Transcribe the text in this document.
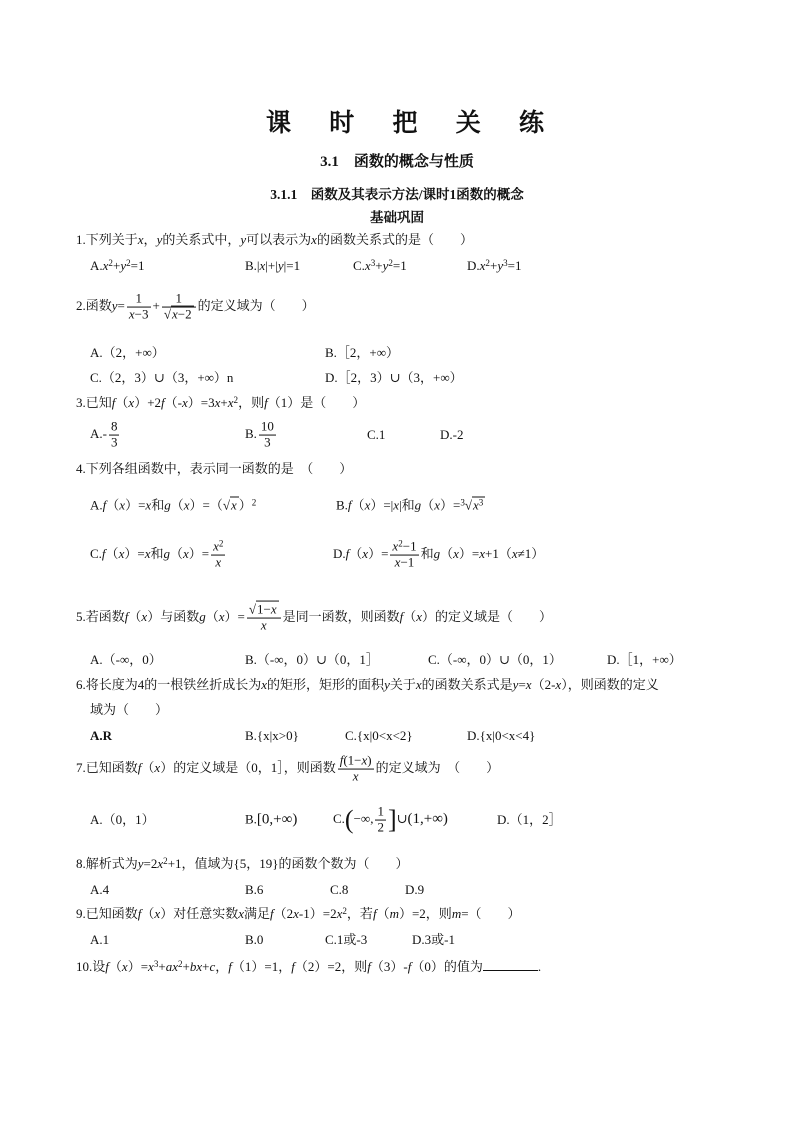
课 时 把 关 练
3.1　函数的概念与性质
3.1.1　函数及其表示方法/课时1函数的概念
基础巩固
1.下列关于x，y的关系式中，y可以表示为x的函数关系式的是（　　）
$A.x^2+y^2=1$	B.|x|+|y|=1	$C.x^3+y^2=1$	$D.x^2+y^3=1$
2.函数$y= \frac{1}{x-3} + \frac{1}{√x-2}$ 的定义域为（　　）
A.（2，+∞）	B.［2，+∞）
C.（2，3）∪（3，+∞）n	D.［2，3）∪（3，+∞）
3.已知$f(x)+2f(-x)=3x+x^2$，则f（1）是（　　）
$A.- \frac{8}{3}$	B. $\frac{10}{3}$	C.1	D.-2
4.下列各组函数中，表示同一函数的是　（　　）
A.f（x）=x和g（x）=（√x ）$^2$	B.f（x）=|x|和$g(x)=^3√x^3$
C.f（x）=x和$g(x)= \frac{x^2}{x}$	$D.f(x)= \frac{x^2-1}{x-1}$ 和g（x）=x+1（x≠1）
5.若函数f（x）与函数$g(x)= \frac{√1-x}{x}$ 是同一函数，则函数f（x）的定义域是（　　）
A.（-∞，0）	B.（-∞，0）∪（0，1］	C.（-∞，0）∪（0，1）	D.［1，+∞）
6.将长度为4的一根铁丝折成长为x的矩形，矩形的面积y关于x的函数关系式是y=x（2-x），则函数的定义
域为（　　）
A.R	B.{x|x>0}	C.{x|0<x<2}	D.{x|0<x<4}
7.已知函数f（x）的定义域是（0，1］，则函数 $\frac{f(1-x)}{x}$ 的定义域为　（　　）
A.（0，1）	B.[0,+∞)	C.(−∞, $\frac{1}{2}$ ]∪(1,+∞)	D.（1，2］
8.解析式为$y=2x^2+1$，值域为{5，19}的函数个数为（　　）
A.4	B.6	C.8	D.9
9.已知函数f（x）对任意实数x满足$f(2x-1)=2x^2$，若f（m）=2，则m=（　　）
A.1	B.0	C.1或-3	D.3或-1
10.设$f(x)=x^3+ax^2+bx+c$，f（1）=1，f（2）=2，则f（3）-f（0）的值为	.
